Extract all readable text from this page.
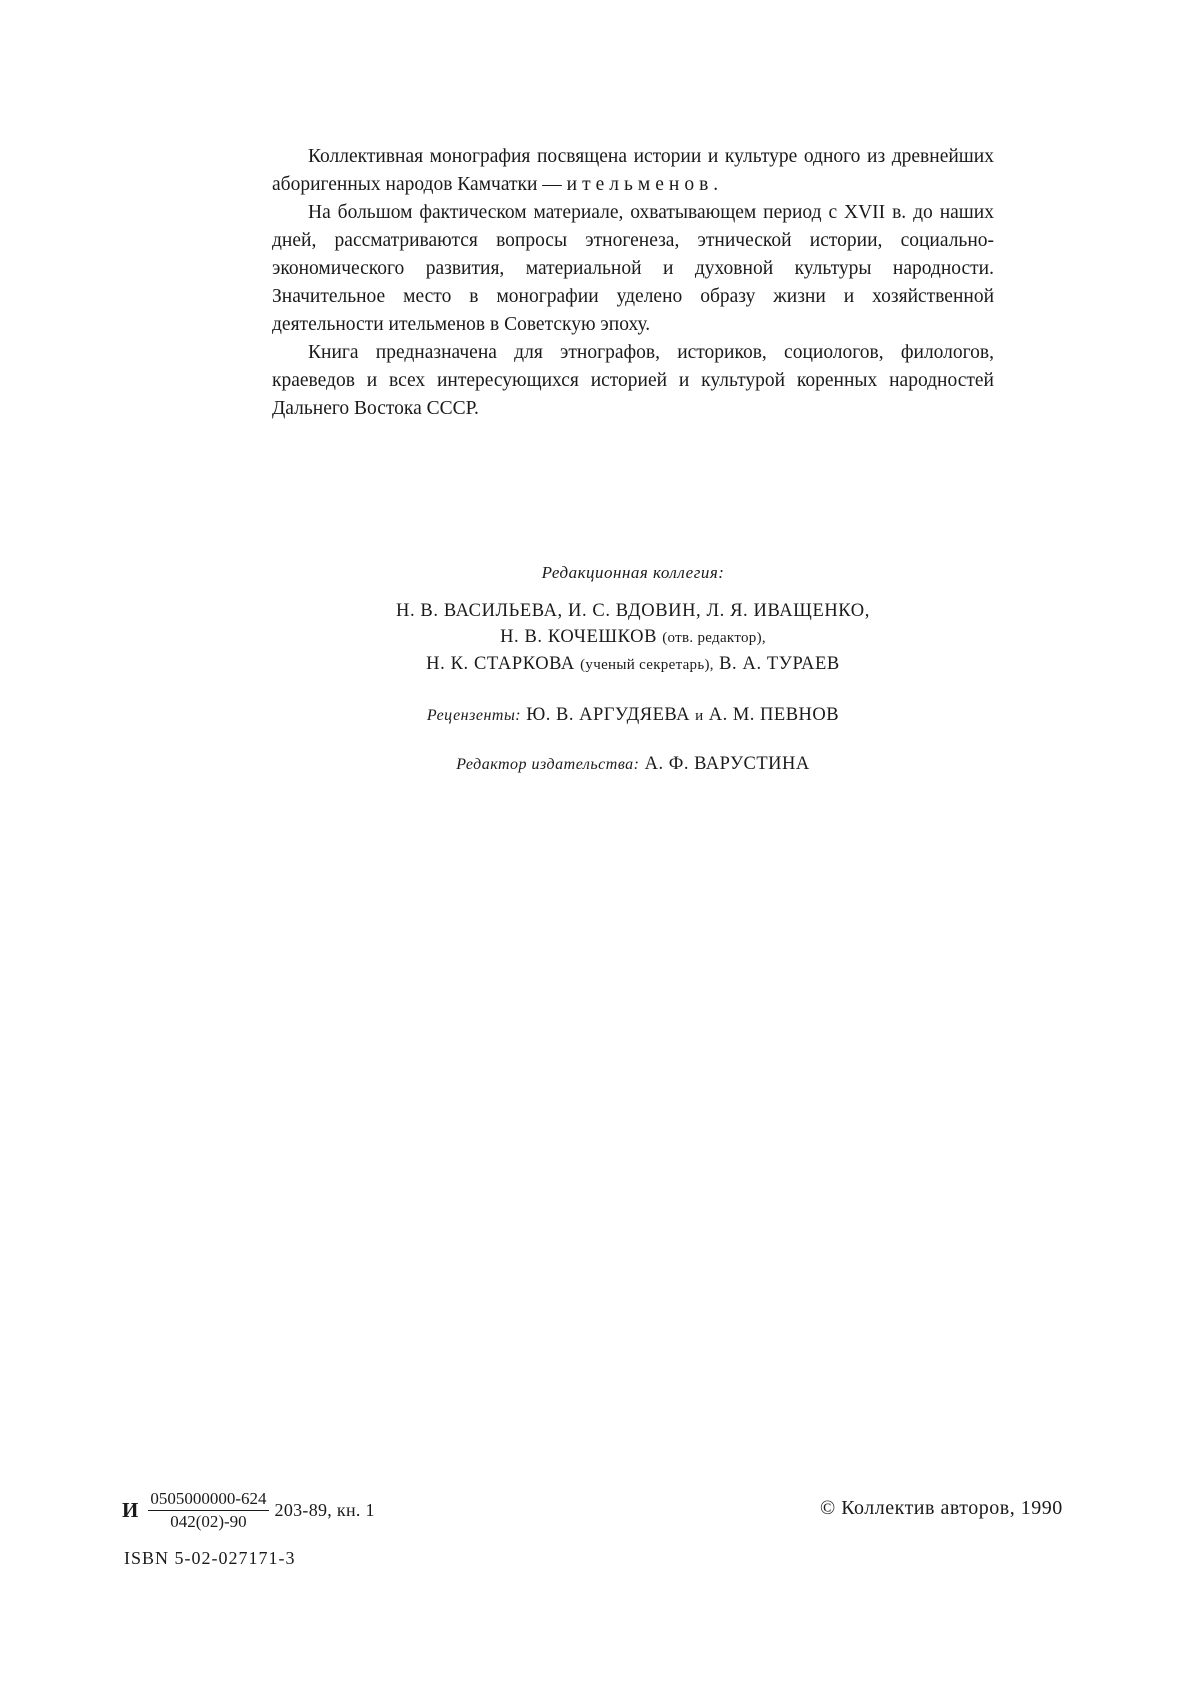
Коллективная монография посвящена истории и культуре одного из древнейших аборигенных народов Камчатки — ительменов.

На большом фактическом материале, охватывающем период с XVII в. до наших дней, рассматриваются вопросы этногенеза, этнической истории, социально-экономического развития, материальной и духовной культуры народности. Значительное место в монографии уделено образу жизни и хозяйственной деятельности ительменов в Советскую эпоху.

Книга предназначена для этнографов, историков, социологов, филологов, краеведов и всех интересующихся историей и культурой коренных народностей Дальнего Востока СССР.

Редакционная коллегия:
Н. В. ВАСИЛЬЕВА, И. С. ВДОВИН, Л. Я. ИВАЩЕНКО,
Н. В. КОЧЕШКОВ (отв. редактор),
Н. К. СТАРКОВА (ученый секретарь), В. А. ТУРАЕВ
Рецензенты: Ю. В. АРГУДЯЕВА и А. М. ПЕВНОВ
Редактор издательства: А. Ф. ВАРУСТИНА
И $\frac{0505000000-624}{042(02)-90} 203-89$, кн. 1	© Коллектив авторов, 1990
ISBN 5-02-027171-3
